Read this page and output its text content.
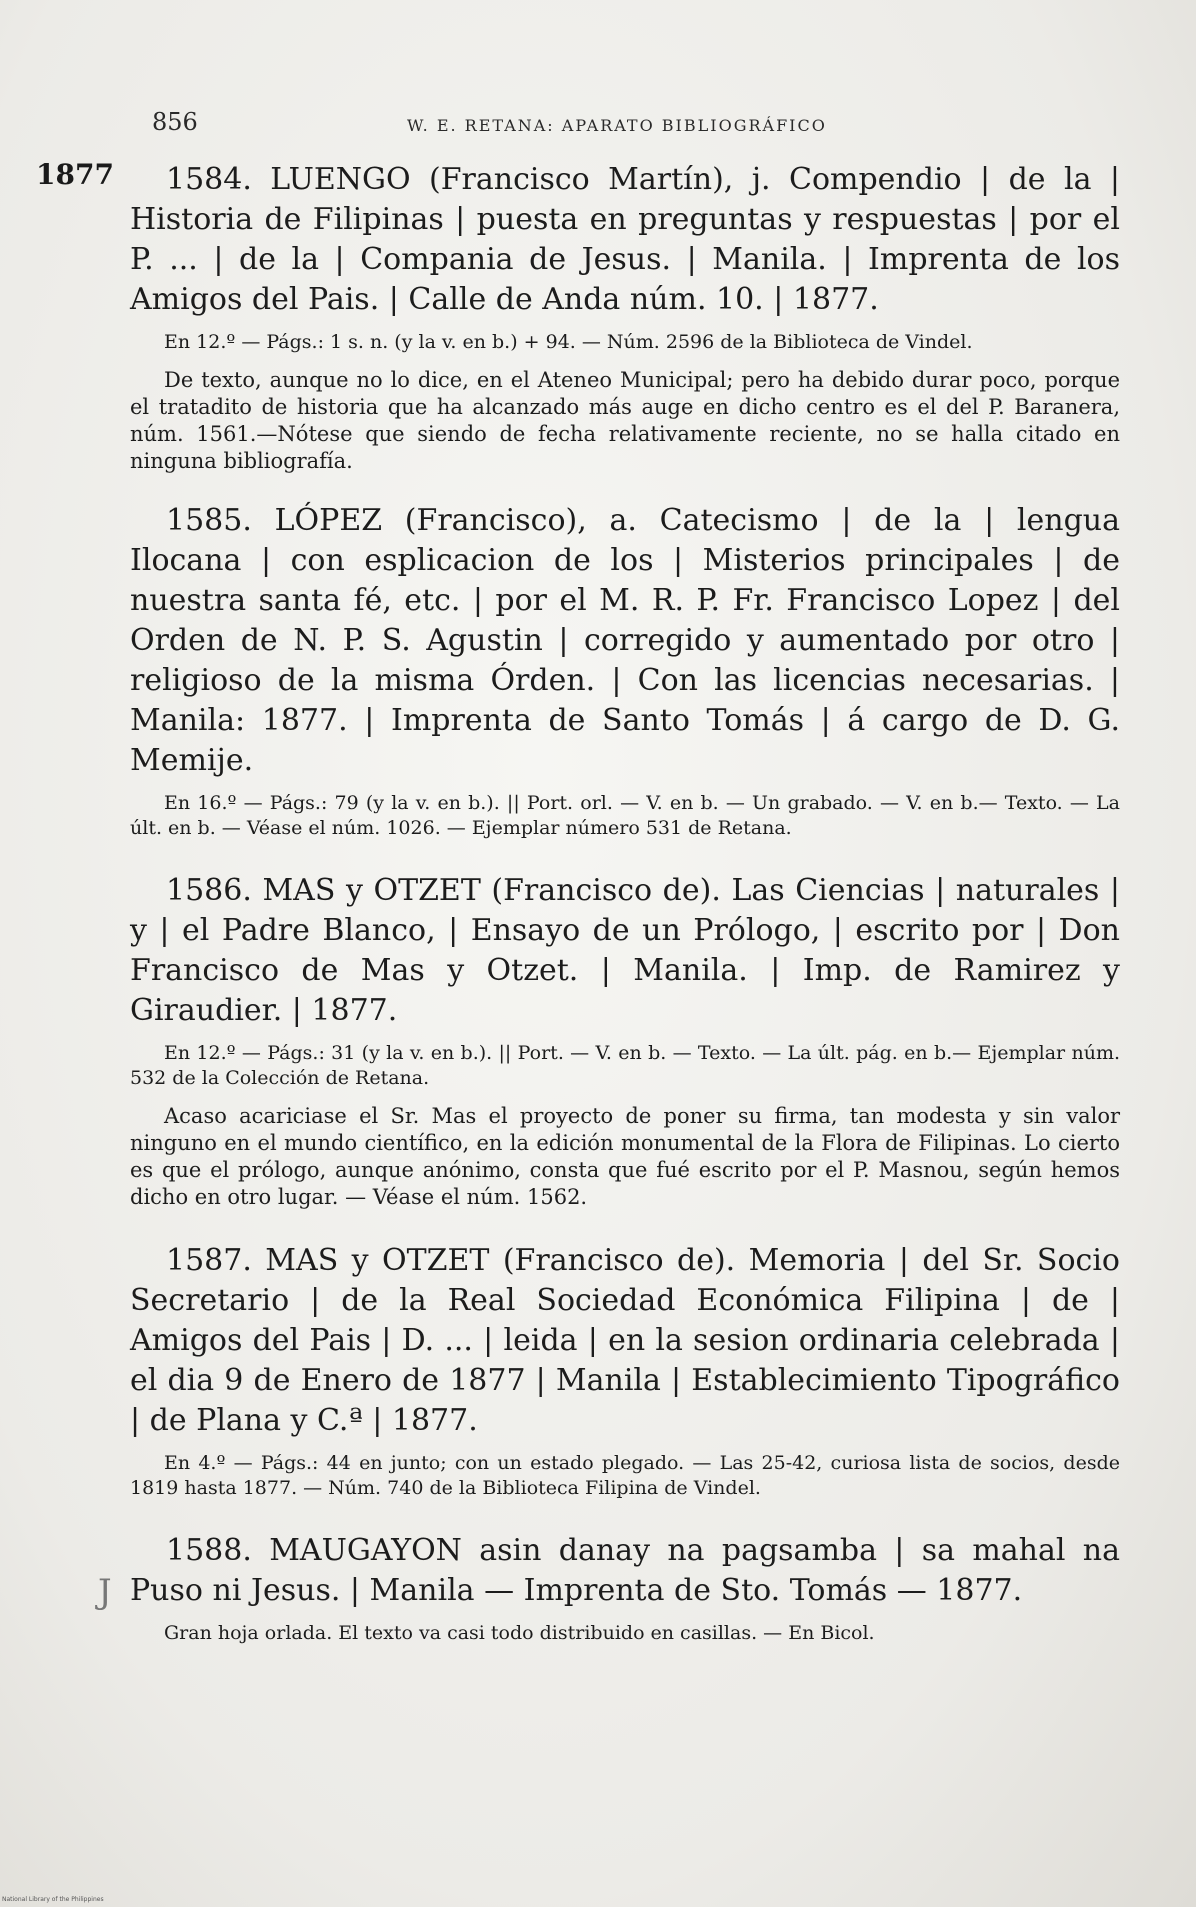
856	W. E. RETANA: APARATO BIBLIOGRÁFICO
1877
J

1584. LUENGO (Francisco Martín), j. Compendio | de la | Historia de Filipinas | puesta en preguntas y respuestas | por el P. ... | de la | Compania de Jesus. | Manila. | Imprenta de los Amigos del Pais. | Calle de Anda núm. 10. | 1877.

En 12.º — Págs.: 1 s. n. (y la v. en b.) + 94. — Núm. 2596 de la Biblioteca de Vindel.

De texto, aunque no lo dice, en el Ateneo Municipal; pero ha debido durar poco, porque el tratadito de historia que ha alcanzado más auge en dicho centro es el del P. Baranera, núm. 1561.—Nótese que siendo de fecha relativamente reciente, no se halla citado en ninguna bibliografía.

1585. LÓPEZ (Francisco), a. Catecismo | de la | lengua Ilocana | con esplicacion de los | Misterios principales | de nuestra santa fé, etc. | por el M. R. P. Fr. Francisco Lopez | del Orden de N. P. S. Agustin | corregido y aumentado por otro | religioso de la misma Órden. | Con las licencias necesarias. | Manila: 1877. | Imprenta de Santo Tomás | á cargo de D. G. Memije.

En 16.º — Págs.: 79 (y la v. en b.). || Port. orl. — V. en b. — Un grabado. — V. en b.— Texto. — La últ. en b. — Véase el núm. 1026. — Ejemplar número 531 de Retana.

1586. MAS y OTZET (Francisco de). Las Ciencias | naturales | y | el Padre Blanco, | Ensayo de un Prólogo, | escrito por | Don Francisco de Mas y Otzet. | Manila. | Imp. de Ramirez y Giraudier. | 1877.

En 12.º — Págs.: 31 (y la v. en b.). || Port. — V. en b. — Texto. — La últ. pág. en b.— Ejemplar núm. 532 de la Colección de Retana.

Acaso acariciase el Sr. Mas el proyecto de poner su firma, tan modesta y sin valor ninguno en el mundo científico, en la edición monumental de la Flora de Filipinas. Lo cierto es que el prólogo, aunque anónimo, consta que fué escrito por el P. Masnou, según hemos dicho en otro lugar. — Véase el núm. 1562.

1587. MAS y OTZET (Francisco de). Memoria | del Sr. Socio Secretario | de la Real Sociedad Económica Filipina | de | Amigos del Pais | D. ... | leida | en la sesion ordinaria celebrada | el dia 9 de Enero de 1877 | Manila | Establecimiento Tipográfico | de Plana y C.ª | 1877.

En 4.º — Págs.: 44 en junto; con un estado plegado. — Las 25-42, curiosa lista de socios, desde 1819 hasta 1877. — Núm. 740 de la Biblioteca Filipina de Vindel.

1588. MAUGAYON asin danay na pagsamba | sa mahal na Puso ni Jesus. | Manila — Imprenta de Sto. Tomás — 1877.

Gran hoja orlada. El texto va casi todo distribuido en casillas. — En Bicol.

National Library of the Philippines
